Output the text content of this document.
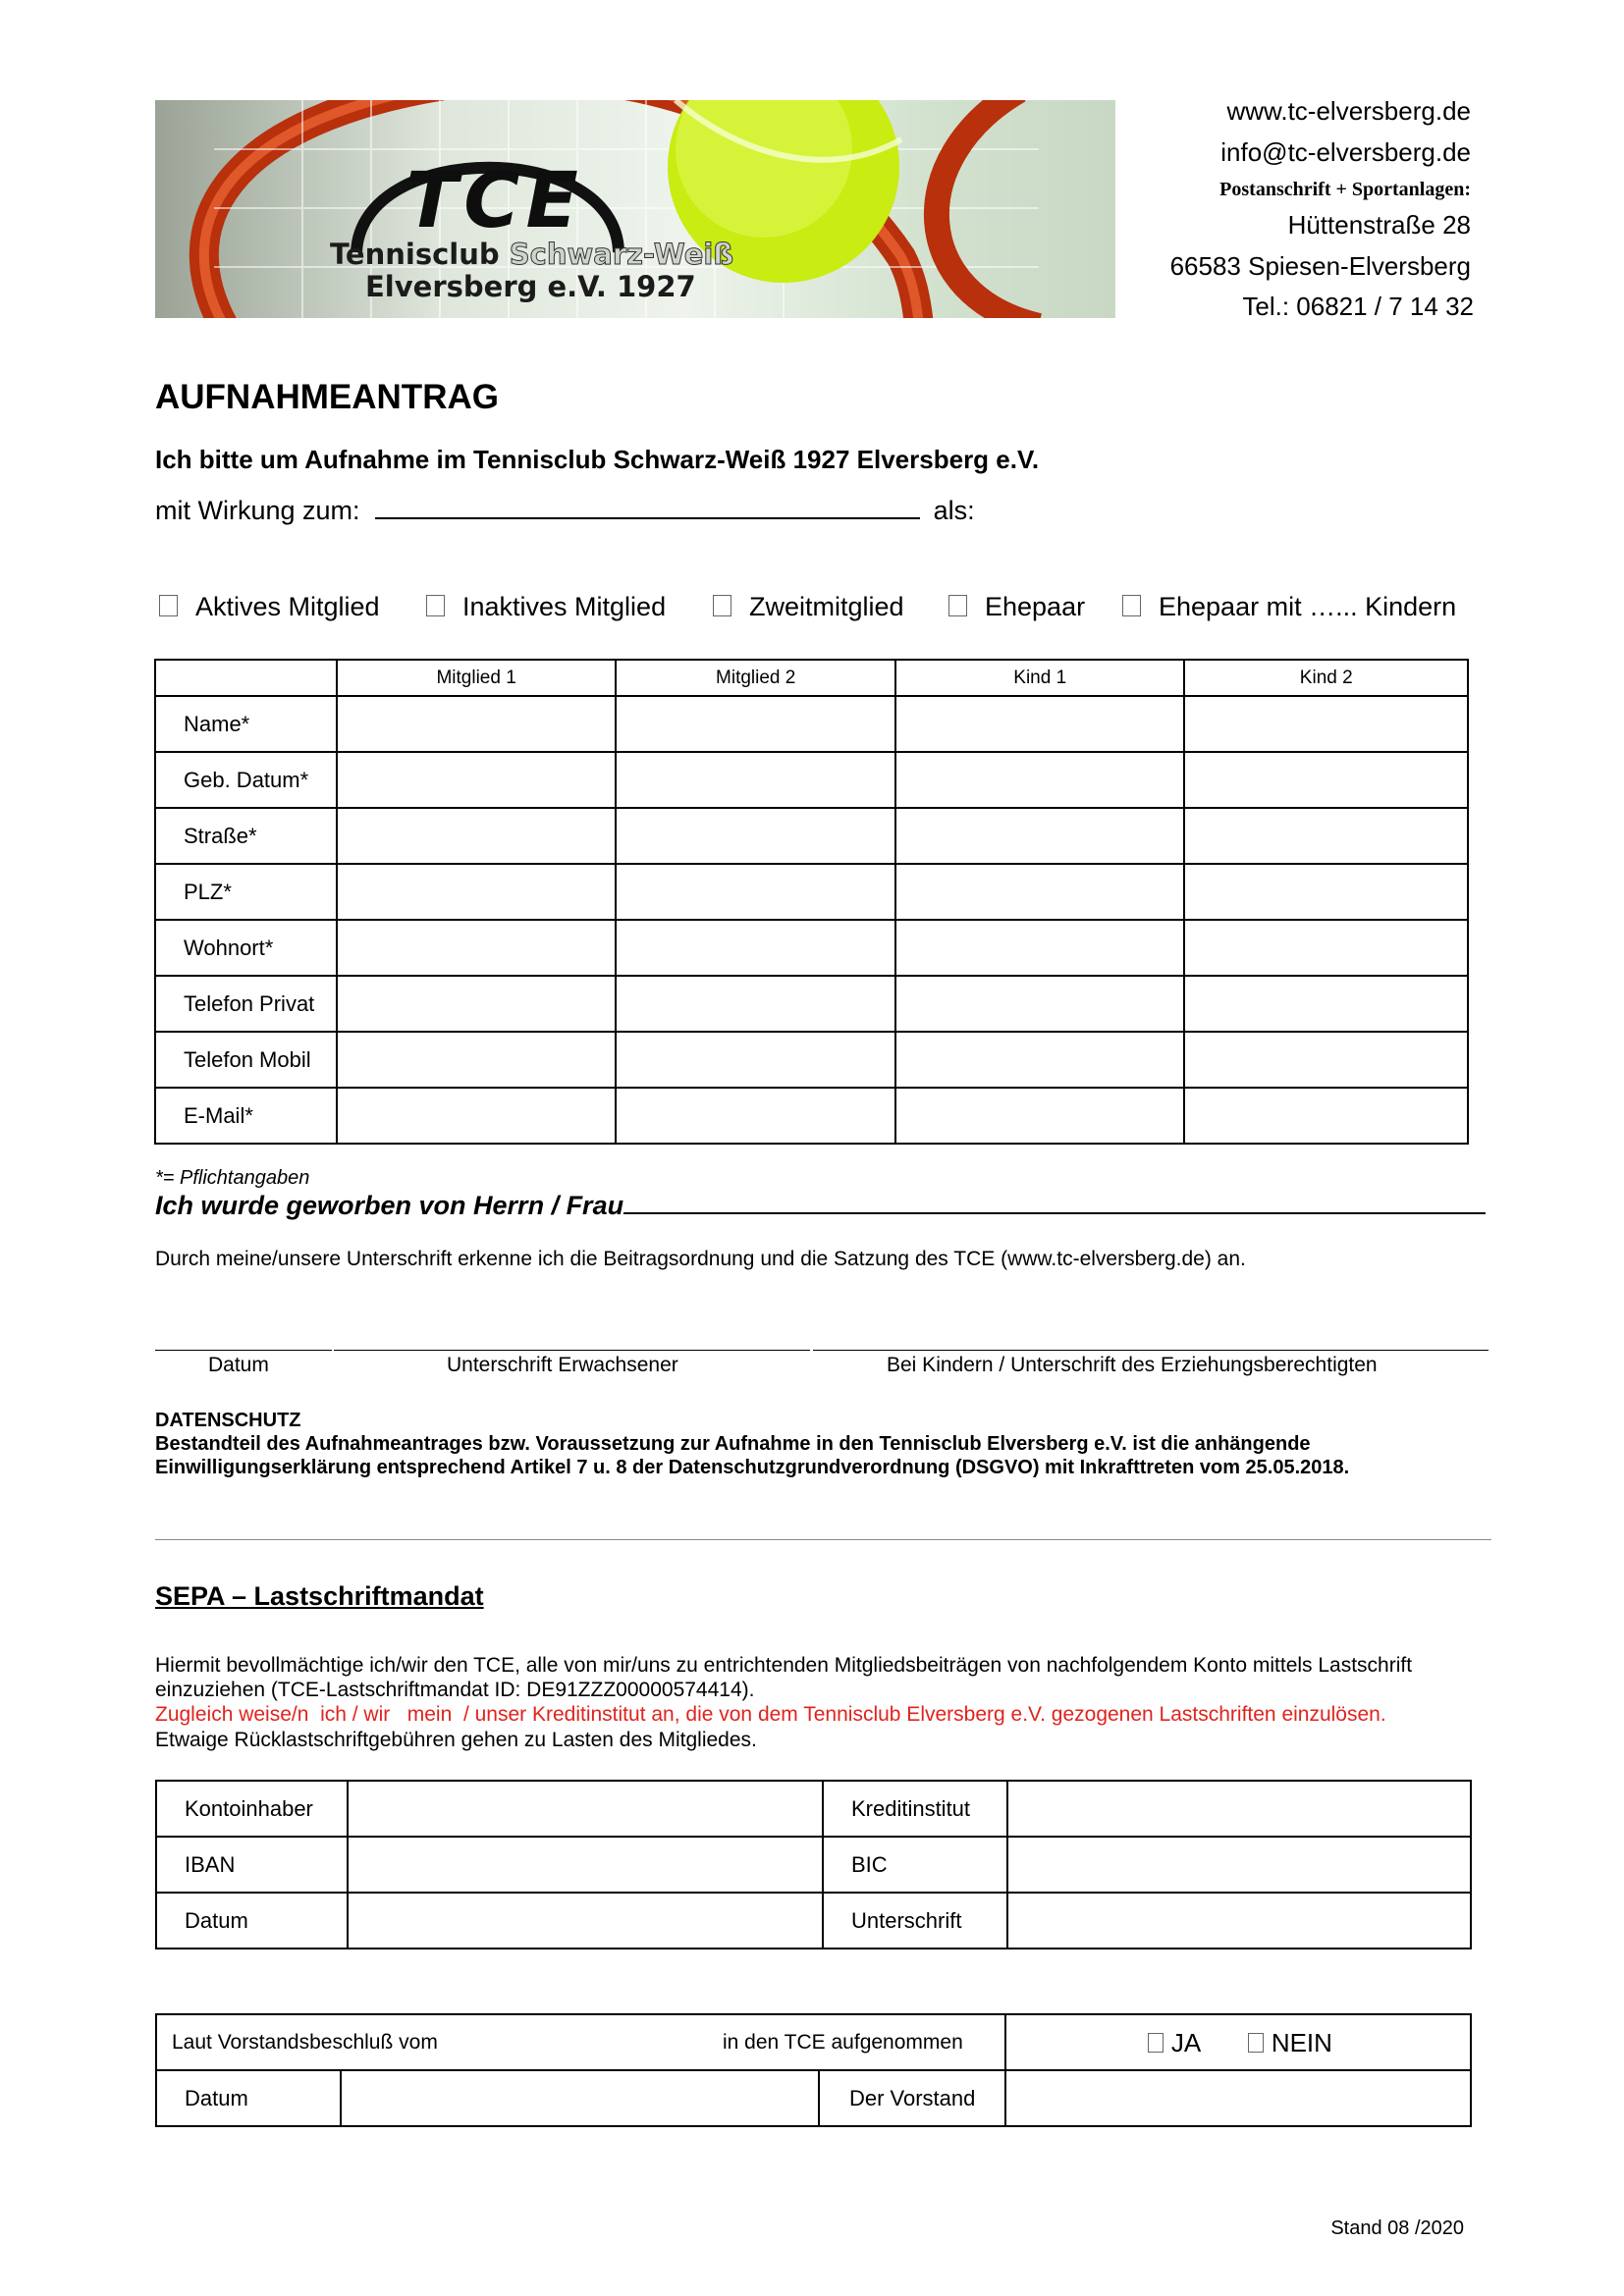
TCE
Tennisclub Schwarz-Weiß
Elversberg e.V. 1927
www.tc-elversberg.de
info@tc-elversberg.de
Postanschrift + Sportanlagen:
Hüttenstraße 28
66583 Spiesen-Elversberg
Tel.: 06821 / 7 14 32
AUFNAHMEANTRAG
Ich bitte um Aufnahme im Tennisclub Schwarz-Weiß 1927 Elversberg e.V.
mit Wirkung zum:	als:
Aktives Mitglied	Inaktives Mitglied	Zweitmitglied	Ehepaar	Ehepaar mit …... Kindern
	Mitglied 1	Mitglied 2	Kind 1	Kind 2
Name*				
Geb. Datum*				
Straße*				
PLZ*				
Wohnort*				
Telefon Privat				
Telefon Mobil				
E-Mail*				
*= Pflichtangaben
Ich wurde geworben von Herrn / Frau
Durch meine/unsere Unterschrift erkenne ich die Beitragsordnung und die Satzung des TCE (www.tc-elversberg.de) an.
Datum	Unterschrift Erwachsener	Bei Kindern / Unterschrift des Erziehungsberechtigten
DATENSCHUTZ
Bestandteil des Aufnahmeantrages bzw. Voraussetzung zur Aufnahme in den Tennisclub Elversberg e.V. ist die anhängende
Einwilligungserklärung entsprechend Artikel 7 u. 8 der Datenschutzgrundverordnung (DSGVO) mit Inkrafttreten vom 25.05.2018.
SEPA – Lastschriftmandat
Hiermit bevollmächtige ich/wir den TCE, alle von mir/uns zu entrichtenden Mitgliedsbeiträgen von nachfolgendem Konto mittels Lastschrift
einzuziehen (TCE-Lastschriftmandat ID: DE91ZZZ00000574414).
Zugleich weise/n  ich / wir   mein  / unser Kreditinstitut an, die von dem Tennisclub Elversberg e.V. gezogenen Lastschriften einzulösen.
Etwaige Rücklastschriftgebühren gehen zu Lasten des Mitgliedes.
Kontoinhaber		Kreditinstitut	
IBAN		BIC	
Datum		Unterschrift	
Laut Vorstandsbeschluß vom in den TCE aufgenommen			JA NEIN

Datum		Der Vorstand	
Stand 08 /2020
